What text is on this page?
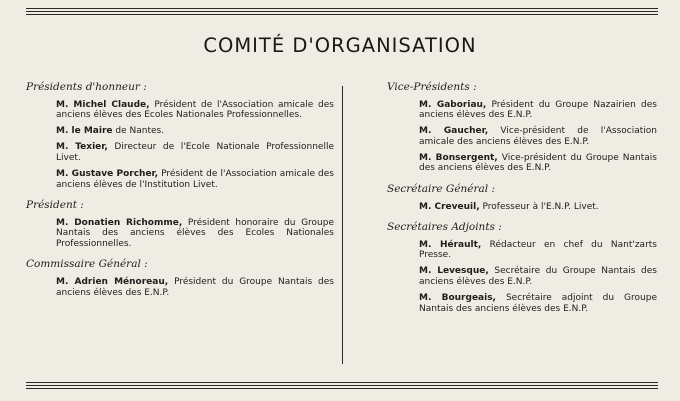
COMITÉ D'ORGANISATION
Présidents d'honneur :
M. Michel Claude, Président de l'Association amicale des anciens élèves des Ecoles Nationales Professionnelles.
M. le Maire de Nantes.
M. Texier, Directeur de l'Ecole Nationale Professionnelle Livet.
M. Gustave Porcher, Président de l'Association amicale des anciens élèves de l'Institution Livet.
Président :
M. Donatien Richomme, Président honoraire du Groupe Nantais des anciens élèves des Ecoles Nationales Professionnelles.
Commissaire Général :
M. Adrien Ménoreau, Président du Groupe Nantais des anciens élèves des E.N.P.
Vice-Présidents :
M. Gaboriau, Président du Groupe Nazairien des anciens élèves des E.N.P.
M. Gaucher, Vice-président de l'Association amicale des anciens élèves des E.N.P.
M. Bonsergent, Vice-président du Groupe Nantais des anciens élèves des E.N.P.
Secrétaire Général :
M. Creveuil, Professeur à l'E.N.P. Livet.
Secrétaires Adjoints :
M. Hérault, Rédacteur en chef du Nant'zarts Presse.
M. Levesque, Secrétaire du Groupe Nantais des anciens élèves des E.N.P.
M. Bourgeais, Secrétaire adjoint du Groupe Nantais des anciens élèves des E.N.P.
